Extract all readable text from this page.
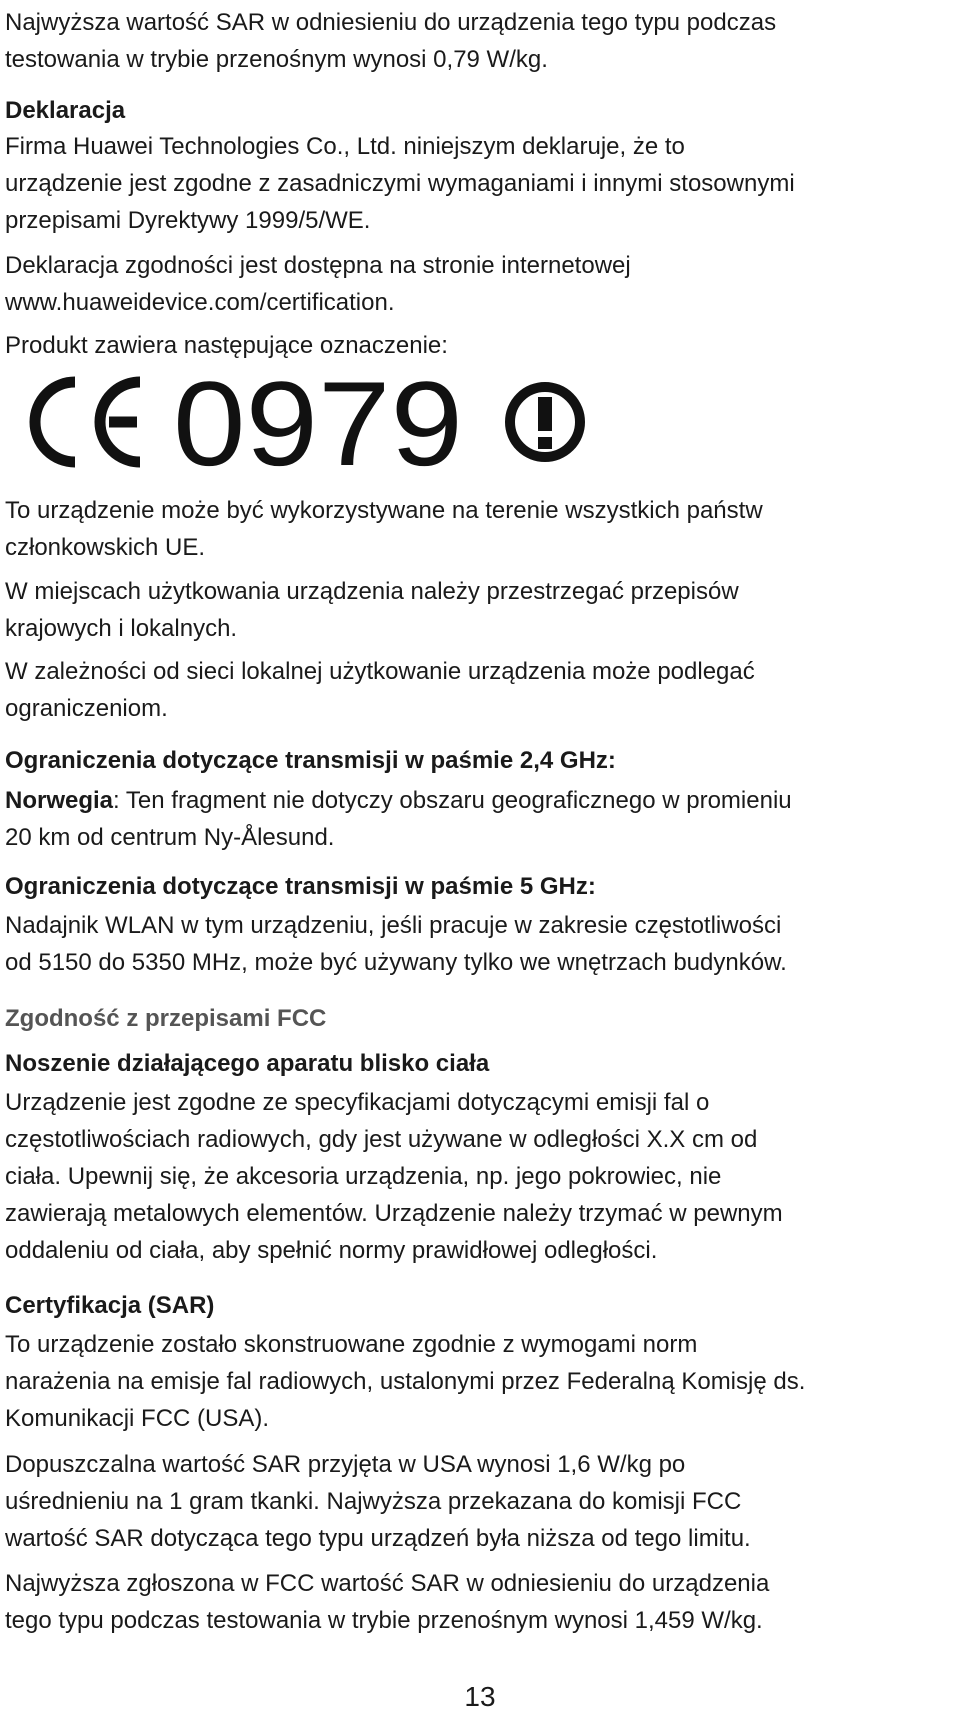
Najwyższa wartość SAR w odniesieniu do urządzenia tego typu podczas
testowania w trybie przenośnym wynosi 0,79 W/kg.
Deklaracja
Firma Huawei Technologies Co., Ltd. niniejszym deklaruje, że to
urządzenie jest zgodne z zasadniczymi wymaganiami i innymi stosownymi
przepisami Dyrektywy 1999/5/WE.
Deklaracja zgodności jest dostępna na stronie internetowej
www.huaweidevice.com/certification.
Produkt zawiera następujące oznaczenie:
CE 0979
To urządzenie może być wykorzystywane na terenie wszystkich państw
członkowskich UE.
W miejscach użytkowania urządzenia należy przestrzegać przepisów
krajowych i lokalnych.
W zależności od sieci lokalnej użytkowanie urządzenia może podlegać
ograniczeniom.
Ograniczenia dotyczące transmisji w paśmie 2,4 GHz:
Norwegia: Ten fragment nie dotyczy obszaru geograficznego w promieniu
20 km od centrum Ny-Ålesund.
Ograniczenia dotyczące transmisji w paśmie 5 GHz:
Nadajnik WLAN w tym urządzeniu, jeśli pracuje w zakresie częstotliwości
od 5150 do 5350 MHz, może być używany tylko we wnętrzach budynków.
Zgodność z przepisami FCC
Noszenie działającego aparatu blisko ciała
Urządzenie jest zgodne ze specyfikacjami dotyczącymi emisji fal o
częstotliwościach radiowych, gdy jest używane w odległości X.X cm od
ciała. Upewnij się, że akcesoria urządzenia, np. jego pokrowiec, nie
zawierają metalowych elementów. Urządzenie należy trzymać w pewnym
oddaleniu od ciała, aby spełnić normy prawidłowej odległości.
Certyfikacja (SAR)
To urządzenie zostało skonstruowane zgodnie z wymogami norm
narażenia na emisje fal radiowych, ustalonymi przez Federalną Komisję ds.
Komunikacji FCC (USA).
Dopuszczalna wartość SAR przyjęta w USA wynosi 1,6 W/kg po
uśrednieniu na 1 gram tkanki. Najwyższa przekazana do komisji FCC
wartość SAR dotycząca tego typu urządzeń była niższa od tego limitu.
Najwyższa zgłoszona w FCC wartość SAR w odniesieniu do urządzenia
tego typu podczas testowania w trybie przenośnym wynosi 1,459 W/kg.
13
